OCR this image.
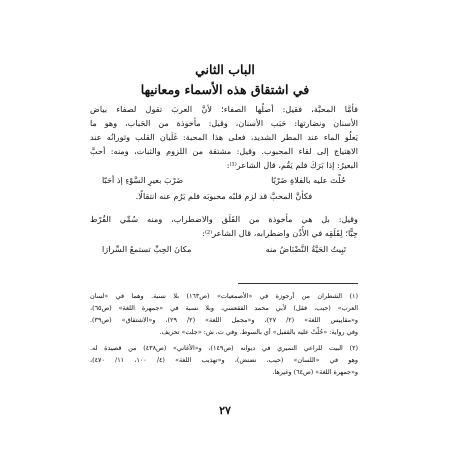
الباب الثاني
في اشتقاق هذه الأسماء ومعانيها
فأمَّا المحبَّة، فقيل: أصلُها الصفاء؛ لأنَّ العربَ تقول لصفاء بياض
الأسنان ونضارتها: حَبَب الأسنان، وقيل: مأخوذة من الحَباب، وهو ما
يَعلُو الماء عند المطر الشديد، فعلى هذا المحبة: غَلَيان القلب وثورانُه عند
الاهتياج إلى لقاء المحبوب. وقيل: مشتقة من اللزوم والثبات، ومنه: أحبَّ
البعيرُ: إذا بَرَكَ فلم يَقُم، قال الشاعر⁽¹⁾:
حُلْتَ عليه بالفلاةِ ضَرْبًا
ضَرْبَ بعيرِ السَّوْءِ إذ أحَبّا
فكأنَّ المحبَّ قد لزم قلبُه محبوبَه فلم يَرُم عنه انتقالًا.
وقيل: بل هي مأخوذة من القَلَق والاضطراب، ومنه سُمِّي القُرْط
حِبًّا؛ لِقَلَقِه في الأُذُن واضطرابه، قال الشاعر⁽²⁾:
تَبِيتُ الحَيَّةُ النَّضْنَاضُ منه
مكانَ الحِبِّ تستمعُ السِّرارَا
(١) الشطران من أرجوزة في «الأصمعيات» (ص١٦٣) بلا نسبة. وهما في «لسان
العرب» (حبب، فقل) لأبي محمد الفقعسي، وبلا نسبة في «جمهرة اللغة» (ص٦٥)،
و«مقاييس اللغة» (٢/ ٢٧)، و«مجمل اللغة» (٢/ ٢٩)، و«الاشتقاق» (ص٣٩).
وفي رواية: «حُلْتُ عليه بالقفيل» أي بالسوط. وفي ت، ش: «جلت» تحريف.
(٢) البيت للراعي النميري في ديوانه (ص١٤٩)، و«الأغاني» (ص٤٣٨) من قصيدة له.
وهو في «اللسان» (حبب، نضنض)، و«تهذيب اللغة» (٤/ ١٠٠، ١١/ ٤٧٠)،
و«جمهرة اللغة» (ص٦٤) وغيرها.
٢٧
